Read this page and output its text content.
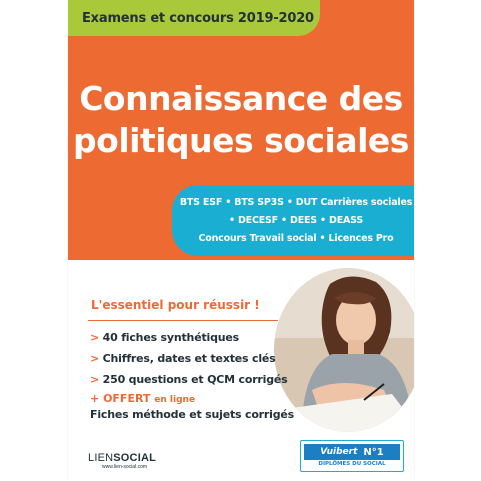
Examens et concours 2019-2020
Connaissance des
politiques sociales
BTS ESF • BTS SP3S • DUT Carrières sociales
• DECESF • DEES • DEASS
Concours Travail social • Licences Pro
L'essentiel pour réussir !
> 40 fiches synthétiques
> Chiffres, dates et textes clés
> 250 questions et QCM corrigés
+ OFFERT en ligne
Fiches méthode et sujets corrigés
LIENSOCIAL
www.lien-social.com
Vuibert N°1
DIPLÔMES DU SOCIAL
